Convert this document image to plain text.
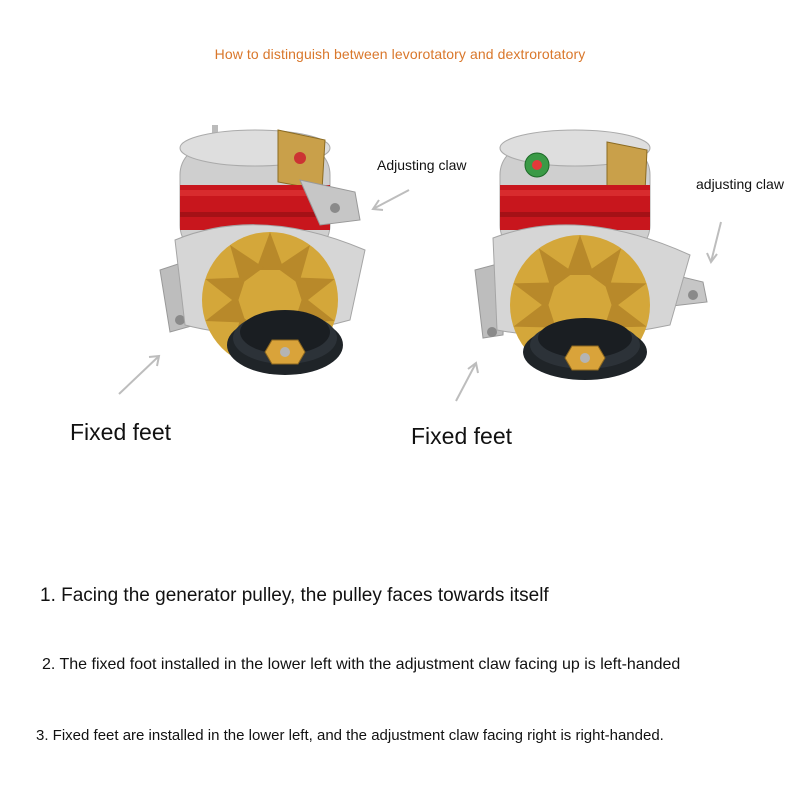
How to distinguish between levorotatory and dextrorotatory
Adjusting claw
adjusting claw
Fixed feet	Fixed feet
1. Facing the generator pulley, the pulley faces towards itself
2. The fixed foot installed in the lower left with the adjustment claw facing up is left-handed
3. Fixed feet are installed in the lower left, and the adjustment claw facing right is right-handed.
